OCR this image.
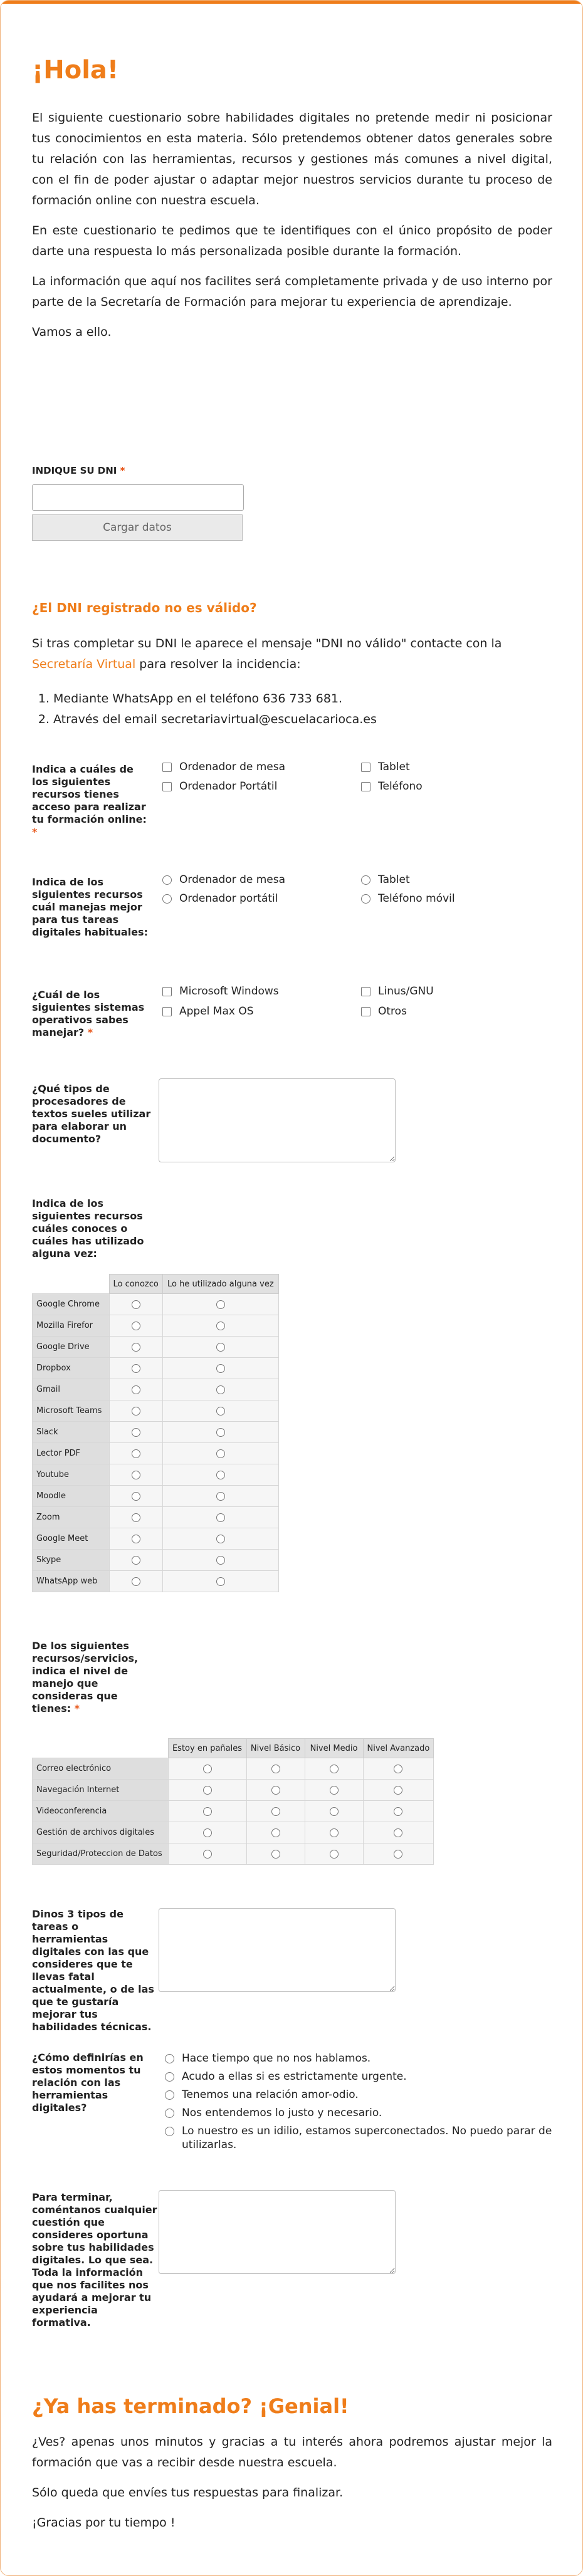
¡Hola!

El siguiente cuestionario sobre habilidades digitales no pretende medir ni posicionar tus conocimientos en esta materia. Sólo pretendemos obtener datos generales sobre tu relación con las herramientas, recursos y gestiones más comunes a nivel digital, con el fin de poder ajustar o adaptar mejor nuestros servicios durante tu proceso de formación online con nuestra escuela.

En este cuestionario te pedimos que te identifiques con el único propósito de poder darte una respuesta lo más personalizada posible durante la formación.

La información que aquí nos facilites será completamente privada y de uso interno por parte de la Secretaría de Formación para mejorar tu experiencia de aprendizaje.

Vamos a ello.

INDIQUE SU DNI *
Cargar datos
¿El DNI registrado no es válido?
Si tras completar su DNI le aparece el mensaje "DNI no válido" contacte con la Secretaría Virtual para resolver la incidencia:
1. Mediante WhatsApp en el teléfono 636 733 681.
2. Através del email secretariavirtual@escuelacarioca.es
Indica a cuáles de los siguientes recursos tienes acceso para realizar tu formación online: *
Ordenador de mesa
Ordenador Portátil
Tablet
Teléfono
Indica de los siguientes recursos cuál manejas mejor para tus tareas digitales habituales:
Ordenador de mesa
Ordenador portátil
Tablet
Teléfono móvil
¿Cuál de los siguientes sistemas operativos sabes manejar? *
Microsoft Windows
Appel Max OS
Linus/GNU
Otros
¿Qué tipos de procesadores de textos sueles utilizar para elaborar un documento?
Indica de los siguientes recursos cuáles conoces o cuáles has utilizado alguna vez:
	Lo conozco	Lo he utilizado alguna vez
Google Chrome		
Mozilla Firefor		
Google Drive		
Dropbox		
Gmail		
Microsoft Teams		
Slack		
Lector PDF		
Youtube		
Moodle		
Zoom		
Google Meet		
Skype		
WhatsApp web		
De los siguientes recursos/servicios, indica el nivel de manejo que consideras que tienes: *
	Estoy en pañales	Nivel Básico	Nivel Medio	Nivel Avanzado
Correo electrónico				
Navegación Internet				
Videoconferencia				
Gestión de archivos digitales				
Seguridad/Proteccion de Datos				
Dinos 3 tipos de tareas o herramientas digitales con las que consideres que te llevas fatal actualmente, o de las que te gustaría mejorar tus habilidades técnicas.
¿Cómo definirías en estos momentos tu relación con las herramientas digitales?
Hace tiempo que no nos hablamos.
Acudo a ellas si es estrictamente urgente.
Tenemos una relación amor-odio.
Nos entendemos lo justo y necesario.
Lo nuestro es un idilio, estamos superconectados. No puedo parar de utilizarlas.
Para terminar, coméntanos cualquier cuestión que consideres oportuna sobre tus habilidades digitales. Lo que sea. Toda la información que nos facilites nos ayudará a mejorar tu experiencia formativa.
¿Ya has terminado? ¡Genial!

¿Ves? apenas unos minutos y gracias a tu interés ahora podremos ajustar mejor la formación que vas a recibir desde nuestra escuela.

Sólo queda que envíes tus respuestas para finalizar.

¡Gracias por tu tiempo !
